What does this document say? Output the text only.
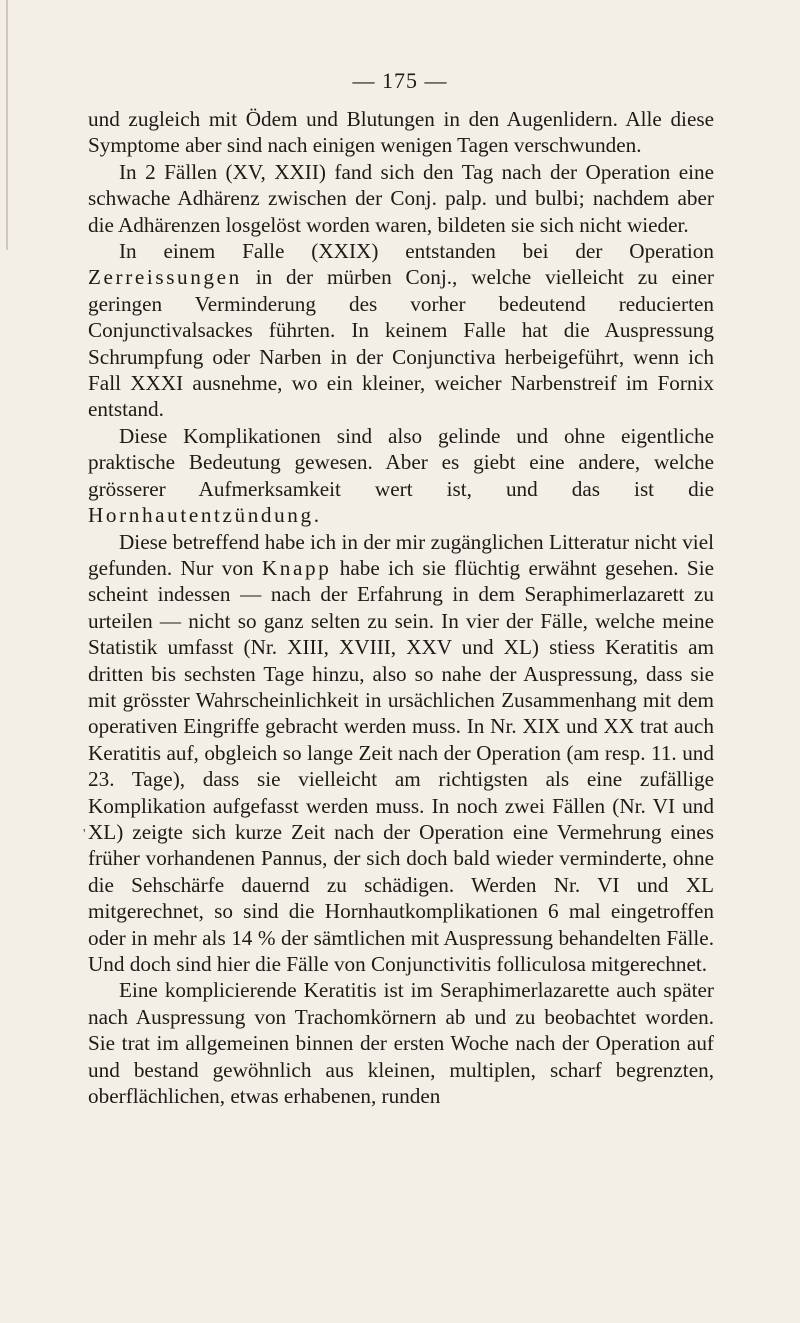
— 175 —
'

und zugleich mit Ödem und Blutungen in den Augenlidern. Alle diese Symptome aber sind nach einigen wenigen Tagen verschwunden.

In 2 Fällen (XV, XXII) fand sich den Tag nach der Operation eine schwache Adhärenz zwischen der Conj. palp. und bulbi; nachdem aber die Adhärenzen losgelöst worden waren, bildeten sie sich nicht wieder.

In einem Falle (XXIX) entstanden bei der Operation Zerreissungen in der mürben Conj., welche vielleicht zu einer geringen Verminderung des vorher bedeutend reducierten Conjunctivalsackes führten. In keinem Falle hat die Auspressung Schrumpfung oder Narben in der Conjunctiva herbeigeführt, wenn ich Fall XXXI ausnehme, wo ein kleiner, weicher Narbenstreif im Fornix entstand.

Diese Komplikationen sind also gelinde und ohne eigentliche praktische Bedeutung gewesen. Aber es giebt eine andere, welche grösserer Aufmerksamkeit wert ist, und das ist die Hornhautentzündung.

Diese betreffend habe ich in der mir zugänglichen Litteratur nicht viel gefunden. Nur von Knapp habe ich sie flüchtig erwähnt gesehen. Sie scheint indessen — nach der Erfahrung in dem Seraphimerlazarett zu urteilen — nicht so ganz selten zu sein. In vier der Fälle, welche meine Statistik umfasst (Nr. XIII, XVIII, XXV und XL) stiess Keratitis am dritten bis sechsten Tage hinzu, also so nahe der Auspressung, dass sie mit grösster Wahrscheinlichkeit in ursächlichen Zusammenhang mit dem operativen Eingriffe gebracht werden muss. In Nr. XIX und XX trat auch Keratitis auf, obgleich so lange Zeit nach der Operation (am resp. 11. und 23. Tage), dass sie vielleicht am richtigsten als eine zufällige Komplikation aufgefasst werden muss. In noch zwei Fällen (Nr. VI und XL) zeigte sich kurze Zeit nach der Operation eine Vermehrung eines früher vorhandenen Pannus, der sich doch bald wieder verminderte, ohne die Sehschärfe dauernd zu schädigen. Werden Nr. VI und XL mitgerechnet, so sind die Hornhautkomplikationen 6 mal eingetroffen oder in mehr als 14 % der sämtlichen mit Auspressung behandelten Fälle. Und doch sind hier die Fälle von Conjunctivitis folliculosa mitgerechnet.

Eine komplicierende Keratitis ist im Seraphimerlazarette auch später nach Auspressung von Trachomkörnern ab und zu beobachtet worden. Sie trat im allgemeinen binnen der ersten Woche nach der Operation auf und bestand gewöhnlich aus kleinen, multiplen, scharf begrenzten, oberflächlichen, etwas erhabenen, runden
